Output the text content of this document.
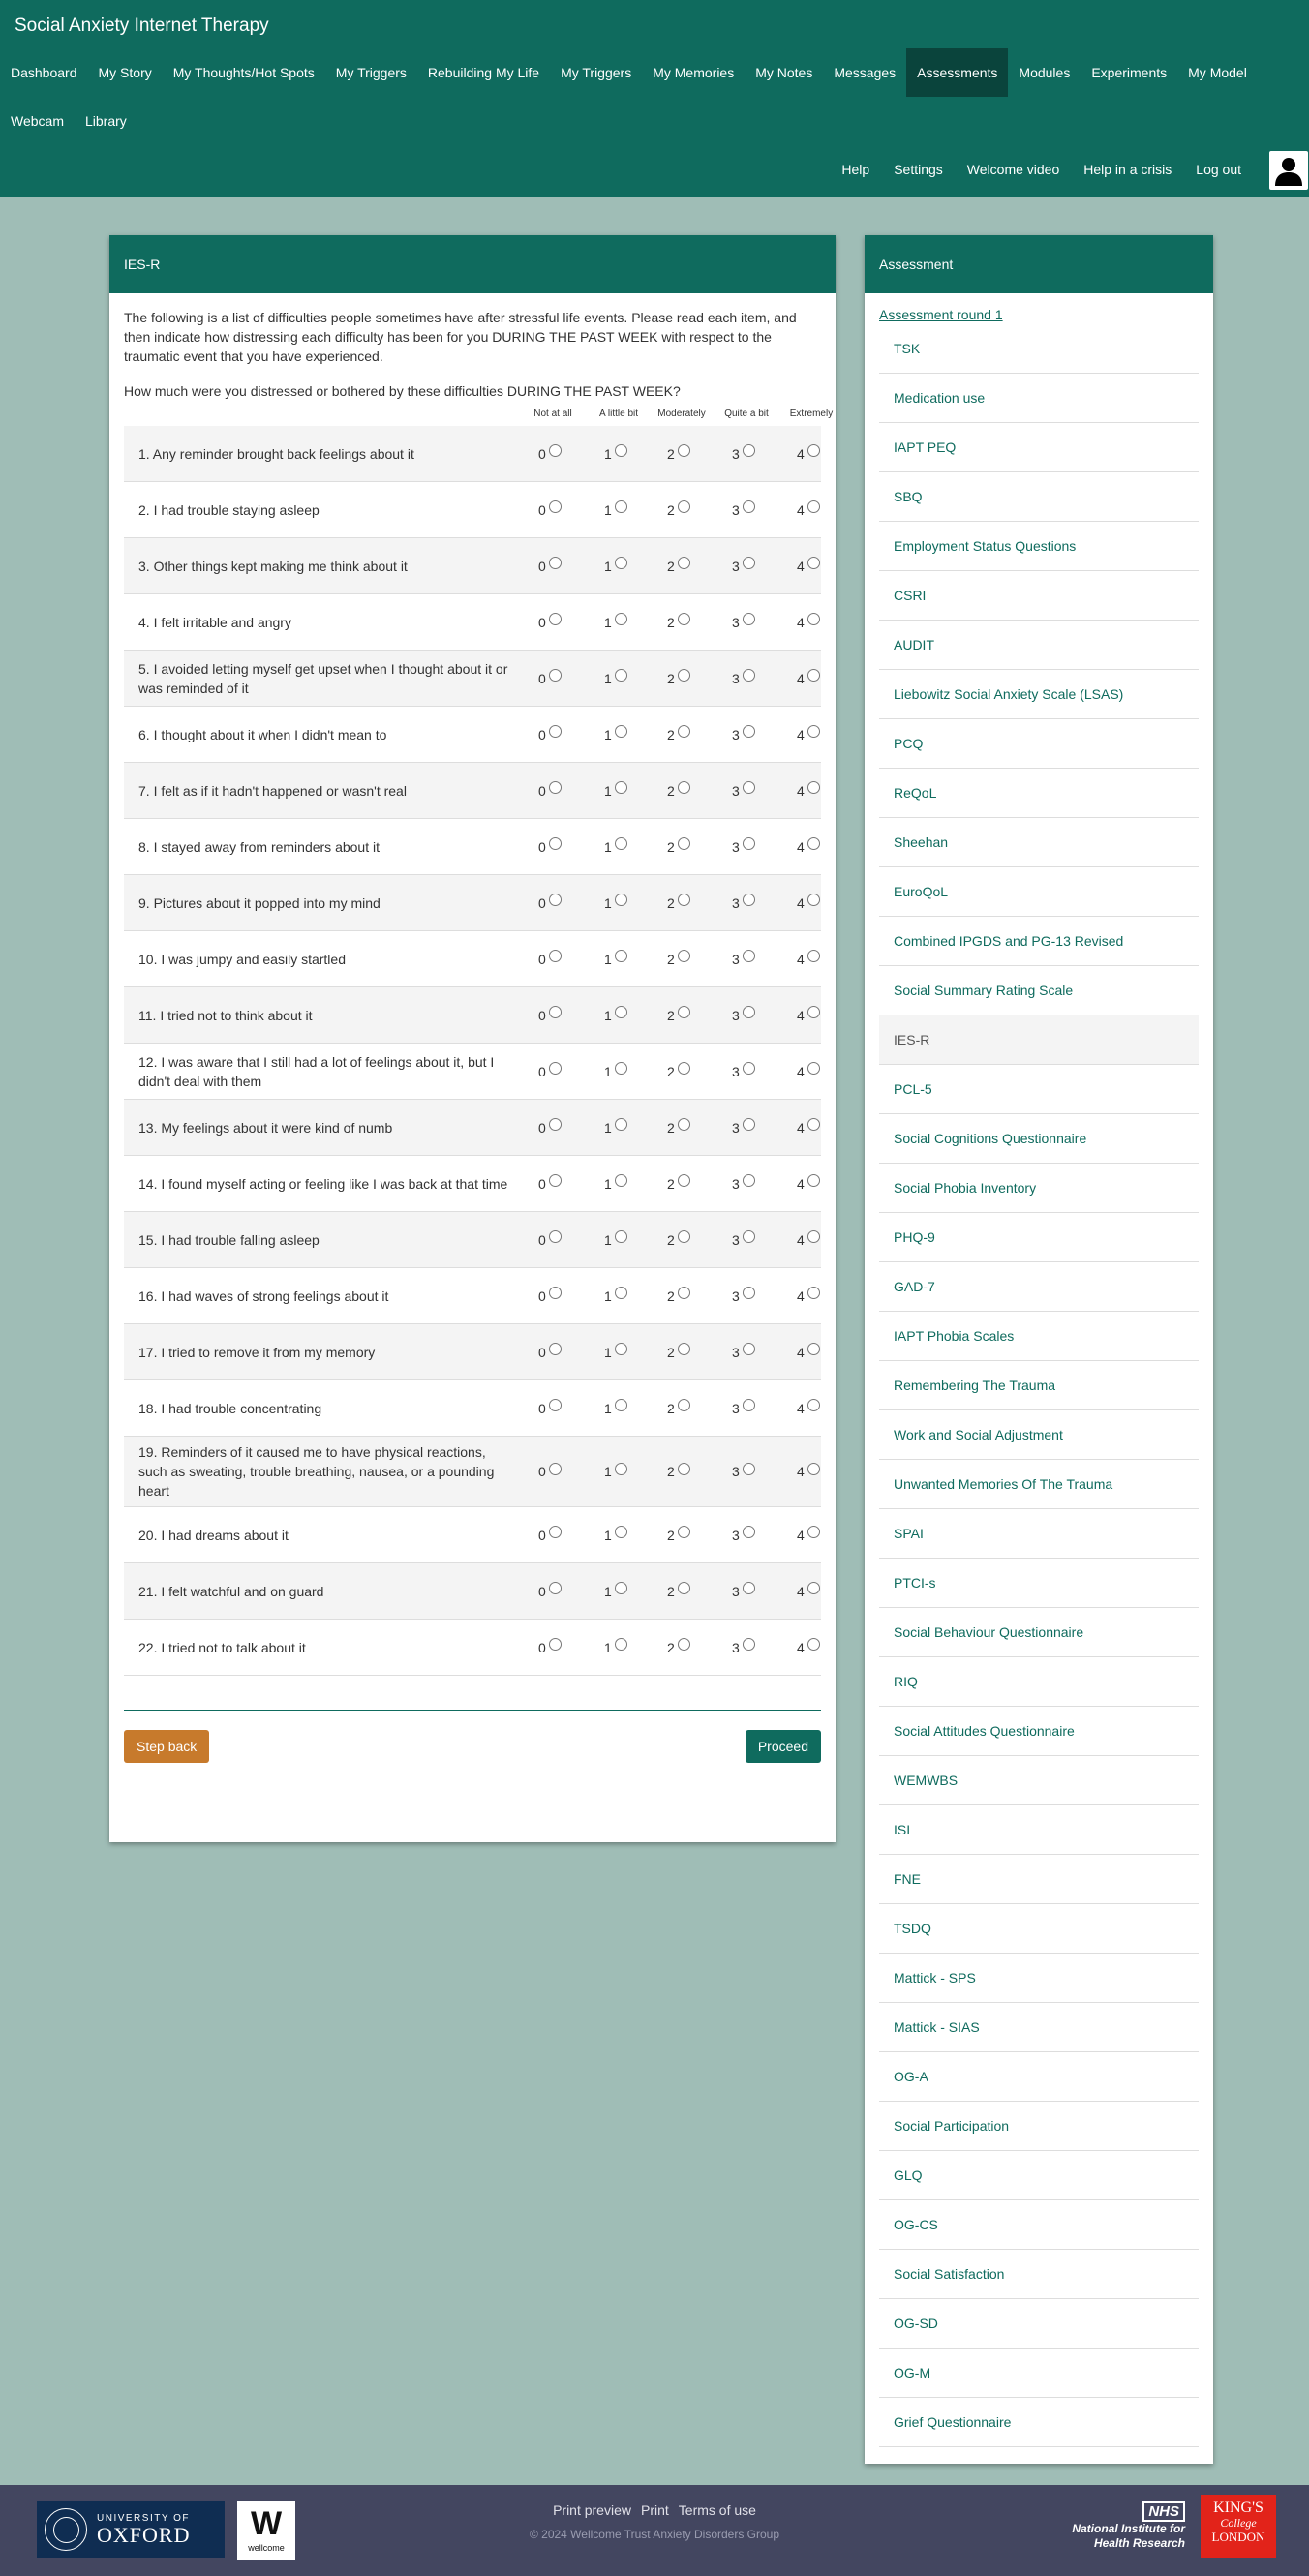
Social Anxiety Internet Therapy
Dashboard	My Story	My Thoughts/Hot Spots	My Triggers	Rebuilding My Life	My Triggers	My Memories	My Notes	Messages	Assessments	Modules	Experiments	My Model
Webcam	Library
Help Settings Welcome video Help in a crisis Log out
IES-R

The following is a list of difficulties people sometimes have after stressful life events. Please read each item, and then indicate how distressing each difficulty has been for you DURING THE PAST WEEK with respect to the traumatic event that you have experienced.

How much were you distressed or bothered by these difficulties DURING THE PAST WEEK?

Not at all	A little bit	Moderately	Quite a bit	Extremely
1. Any reminder brought back feelings about it	0	1	2	3	4
2. I had trouble staying asleep	0	1	2	3	4
3. Other things kept making me think about it	0	1	2	3	4
4. I felt irritable and angry	0	1	2	3	4
5. I avoided letting myself get upset when I thought about it or was reminded of it
0	1	2	3	4
6. I thought about it when I didn't mean to	0	1	2	3	4
7. I felt as if it hadn't happened or wasn't real	0	1	2	3	4
8. I stayed away from reminders about it	0	1	2	3	4
9. Pictures about it popped into my mind	0	1	2	3	4
10. I was jumpy and easily startled	0	1	2	3	4
11. I tried not to think about it	0	1	2	3	4
12. I was aware that I still had a lot of feelings about it, but I didn't deal with them
0	1	2	3	4
13. My feelings about it were kind of numb	0	1	2	3	4
14. I found myself acting or feeling like I was back at that time	0	1	2	3	4
15. I had trouble falling asleep	0	1	2	3	4
16. I had waves of strong feelings about it	0	1	2	3	4
17. I tried to remove it from my memory	0	1	2	3	4
18. I had trouble concentrating	0	1	2	3	4
19. Reminders of it caused me to have physical reactions, such as sweating, trouble breathing, nausea, or a pounding heart
0	1	2	3	4
20. I had dreams about it	0	1	2	3	4
21. I felt watchful and on guard	0	1	2	3	4
22. I tried not to talk about it	0	1	2	3	4
Step back	Proceed
Assessment
Assessment round 1
TSK
Medication use
IAPT PEQ
SBQ
Employment Status Questions
CSRI
AUDIT
Liebowitz Social Anxiety Scale (LSAS)
PCQ
ReQoL
Sheehan
EuroQoL
Combined IPGDS and PG-13 Revised
Social Summary Rating Scale
IES-R
PCL-5
Social Cognitions Questionnaire
Social Phobia Inventory
PHQ-9
GAD-7
IAPT Phobia Scales
Remembering The Trauma
Work and Social Adjustment
Unwanted Memories Of The Trauma
SPAI
PTCI-s
Social Behaviour Questionnaire
RIQ
Social Attitudes Questionnaire
WEMWBS
ISI
FNE
TSDQ
Mattick - SPS
Mattick - SIAS
OG-A
Social Participation
GLQ
OG-CS
Social Satisfaction
OG-SD
OG-M
Grief Questionnaire
UNIVERSITY OF
OXFORD	W
wellcome
Print preview Print Terms of use
© 2024 Wellcome Trust Anxiety Disorders Group
NHS
National Institute for
Health Research
KING'S
College
LONDON
